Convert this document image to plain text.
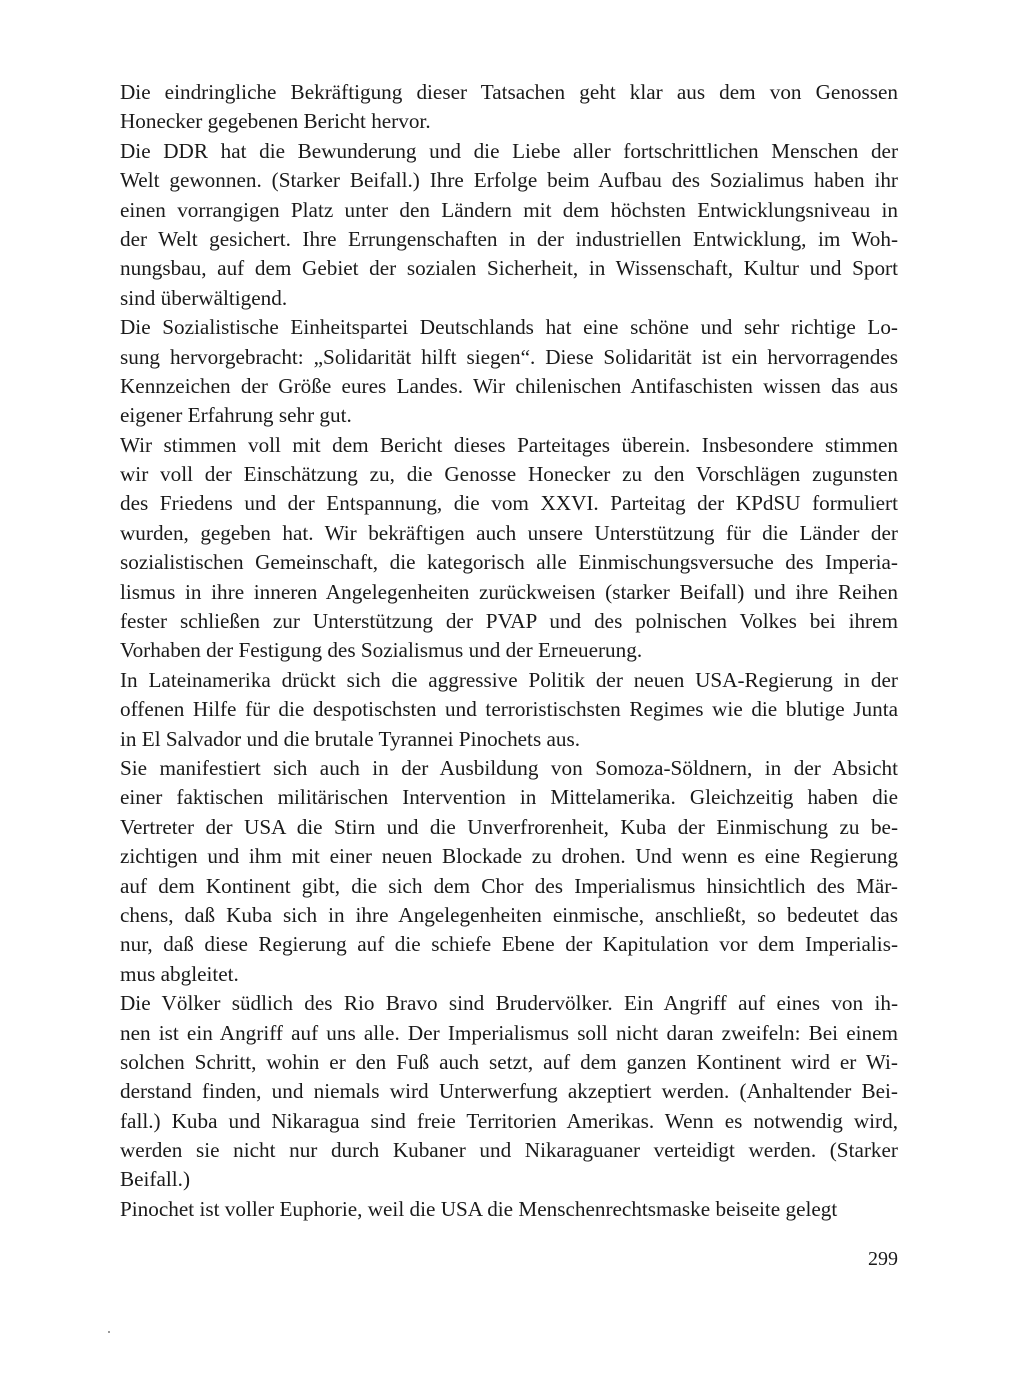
Die eindringliche Bekräftigung dieser Tatsachen geht klar aus dem von Genossen
Honecker gegebenen Bericht hervor.
Die DDR hat die Bewunderung und die Liebe aller fortschrittlichen Menschen der
Welt gewonnen. (Starker Beifall.) Ihre Erfolge beim Aufbau des Sozialimus haben ihr
einen vorrangigen Platz unter den Ländern mit dem höchsten Entwicklungsniveau in
der Welt gesichert. Ihre Errungenschaften in der industriellen Entwicklung, im Woh-
nungsbau, auf dem Gebiet der sozialen Sicherheit, in Wissenschaft, Kultur und Sport
sind überwältigend.
Die Sozialistische Einheitspartei Deutschlands hat eine schöne und sehr richtige Lo-
sung hervorgebracht: „Solidarität hilft siegen“. Diese Solidarität ist ein hervorragendes
Kennzeichen der Größe eures Landes. Wir chilenischen Antifaschisten wissen das aus
eigener Erfahrung sehr gut.
Wir stimmen voll mit dem Bericht dieses Parteitages überein. Insbesondere stimmen
wir voll der Einschätzung zu, die Genosse Honecker zu den Vorschlägen zugunsten
des Friedens und der Entspannung, die vom XXVI. Parteitag der KPdSU formuliert
wurden, gegeben hat. Wir bekräftigen auch unsere Unterstützung für die Länder der
sozialistischen Gemeinschaft, die kategorisch alle Einmischungsversuche des Imperia-
lismus in ihre inneren Angelegenheiten zurückweisen (starker Beifall) und ihre Reihen
fester schließen zur Unterstützung der PVAP und des polnischen Volkes bei ihrem
Vorhaben der Festigung des Sozialismus und der Erneuerung.
In Lateinamerika drückt sich die aggressive Politik der neuen USA-Regierung in der
offenen Hilfe für die despotischsten und terroristischsten Regimes wie die blutige Junta
in El Salvador und die brutale Tyrannei Pinochets aus.
Sie manifestiert sich auch in der Ausbildung von Somoza-Söldnern, in der Absicht
einer faktischen militärischen Intervention in Mittelamerika. Gleichzeitig haben die
Vertreter der USA die Stirn und die Unverfrorenheit, Kuba der Einmischung zu be-
zichtigen und ihm mit einer neuen Blockade zu drohen. Und wenn es eine Regierung
auf dem Kontinent gibt, die sich dem Chor des Imperialismus hinsichtlich des Mär-
chens, daß Kuba sich in ihre Angelegenheiten einmische, anschließt, so bedeutet das
nur, daß diese Regierung auf die schiefe Ebene der Kapitulation vor dem Imperialis-
mus abgleitet.
Die Völker südlich des Rio Bravo sind Brudervölker. Ein Angriff auf eines von ih-
nen ist ein Angriff auf uns alle. Der Imperialismus soll nicht daran zweifeln: Bei einem
solchen Schritt, wohin er den Fuß auch setzt, auf dem ganzen Kontinent wird er Wi-
derstand finden, und niemals wird Unterwerfung akzeptiert werden. (Anhaltender Bei-
fall.) Kuba und Nikaragua sind freie Territorien Amerikas. Wenn es notwendig wird,
werden sie nicht nur durch Kubaner und Nikaraguaner verteidigt werden. (Starker
Beifall.)
Pinochet ist voller Euphorie, weil die USA die Menschenrechtsmaske beiseite gelegt
299
